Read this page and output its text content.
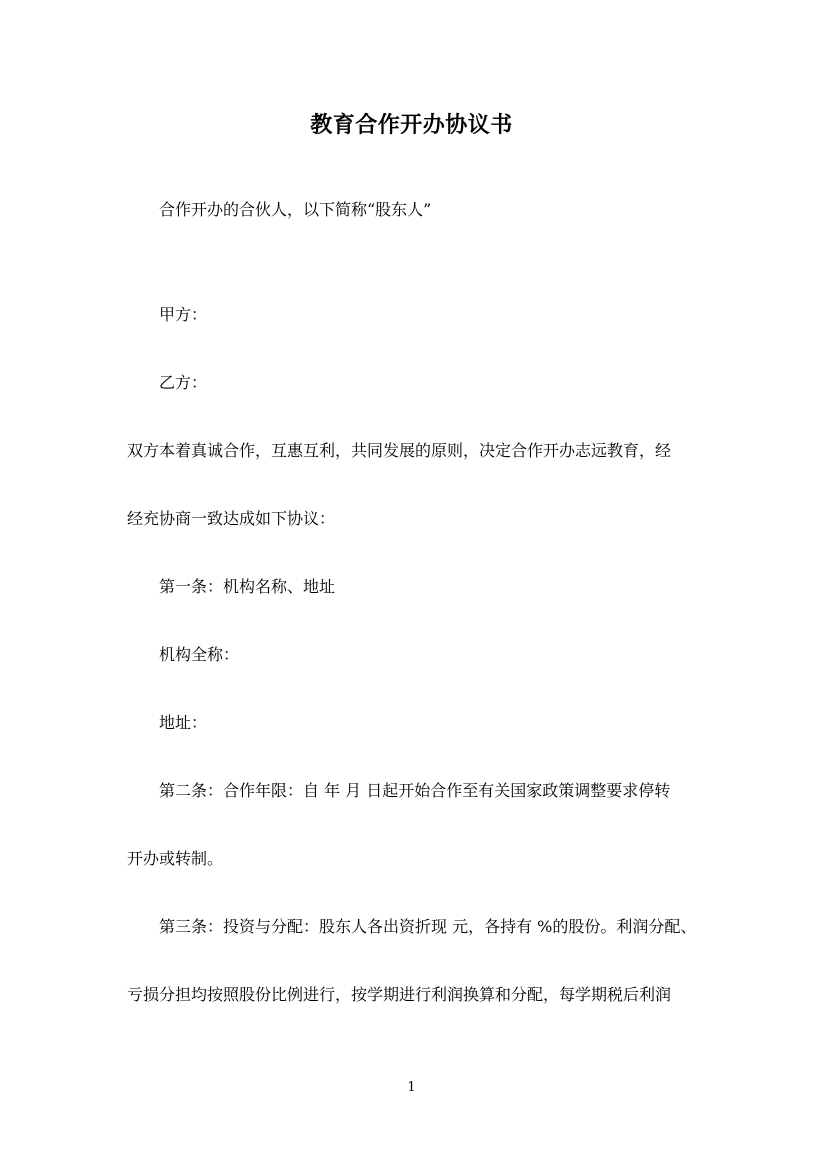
教育合作开办协议书
合作开办的合伙人，以下简称“股东人”
甲方：
乙方：
双方本着真诚合作，互惠互利，共同发展的原则，决定合作开办志远教育，经
经充协商一致达成如下协议：
第一条：机构名称、地址
机构全称：
地址：
第二条：合作年限：自 年 月 日起开始合作至有关国家政策调整要求停转
开办或转制。
第三条：投资与分配：股东人各出资折现 元，各持有 %的股份。利润分配、
亏损分担均按照股份比例进行，按学期进行利润换算和分配，每学期税后利润
1
